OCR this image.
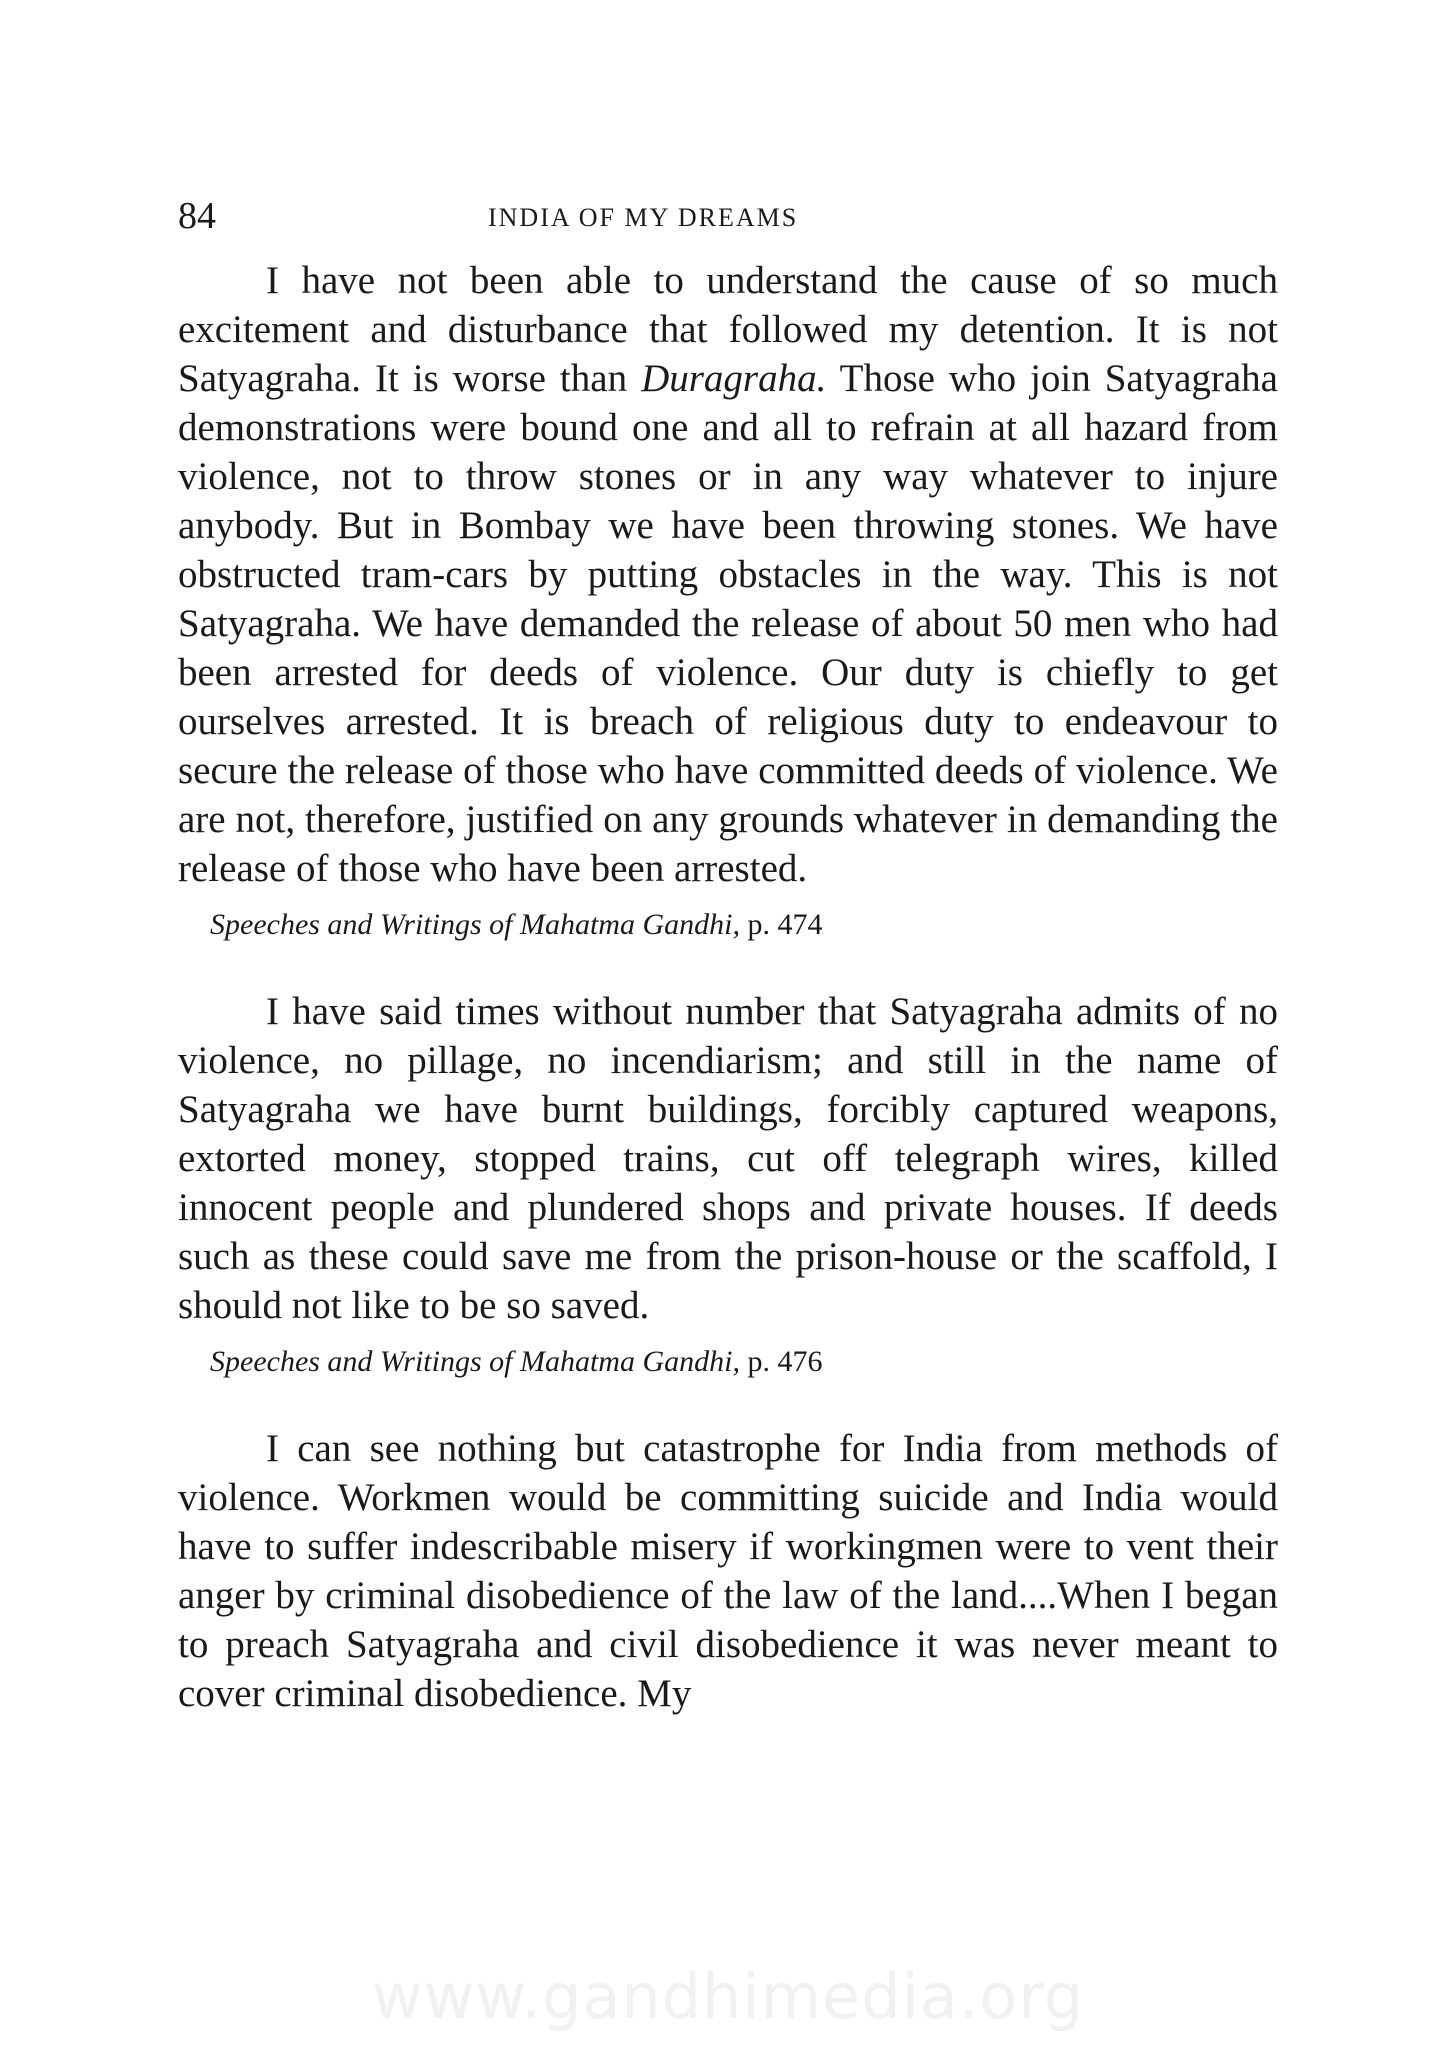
84	INDIA OF MY DREAMS

I have not been able to understand the cause of so much excitement and disturbance that followed my detention. It is not Satyagraha. It is worse than Duragraha. Those who join Satyagraha demonstrations were bound one and all to refrain at all hazard from violence, not to throw stones or in any way whatever to injure anybody. But in Bombay we have been throwing stones. We have obstructed tram-cars by putting obstacles in the way. This is not Satyagraha. We have demanded the release of about 50 men who had been arrested for deeds of violence. Our duty is chiefly to get ourselves arrested. It is breach of religious duty to endeavour to secure the release of those who have committed deeds of violence. We are not, therefore, justified on any grounds whatever in demanding the release of those who have been arrested.

Speeches and Writings of Mahatma Gandhi, p. 474

I have said times without number that Satyagraha admits of no violence, no pillage, no incendiarism; and still in the name of Satyagraha we have burnt buildings, forcibly captured weapons, extorted money, stopped trains, cut off telegraph wires, killed innocent people and plundered shops and private houses. If deeds such as these could save me from the prison-house or the scaffold, I should not like to be so saved.

Speeches and Writings of Mahatma Gandhi, p. 476

I can see nothing but catastrophe for India from methods of violence. Workmen would be committing suicide and India would have to suffer indescribable misery if workingmen were to vent their anger by criminal disobedience of the law of the land....When I began to preach Satyagraha and civil disobedience it was never meant to cover criminal disobedience. My

www.gandhimedia.org
